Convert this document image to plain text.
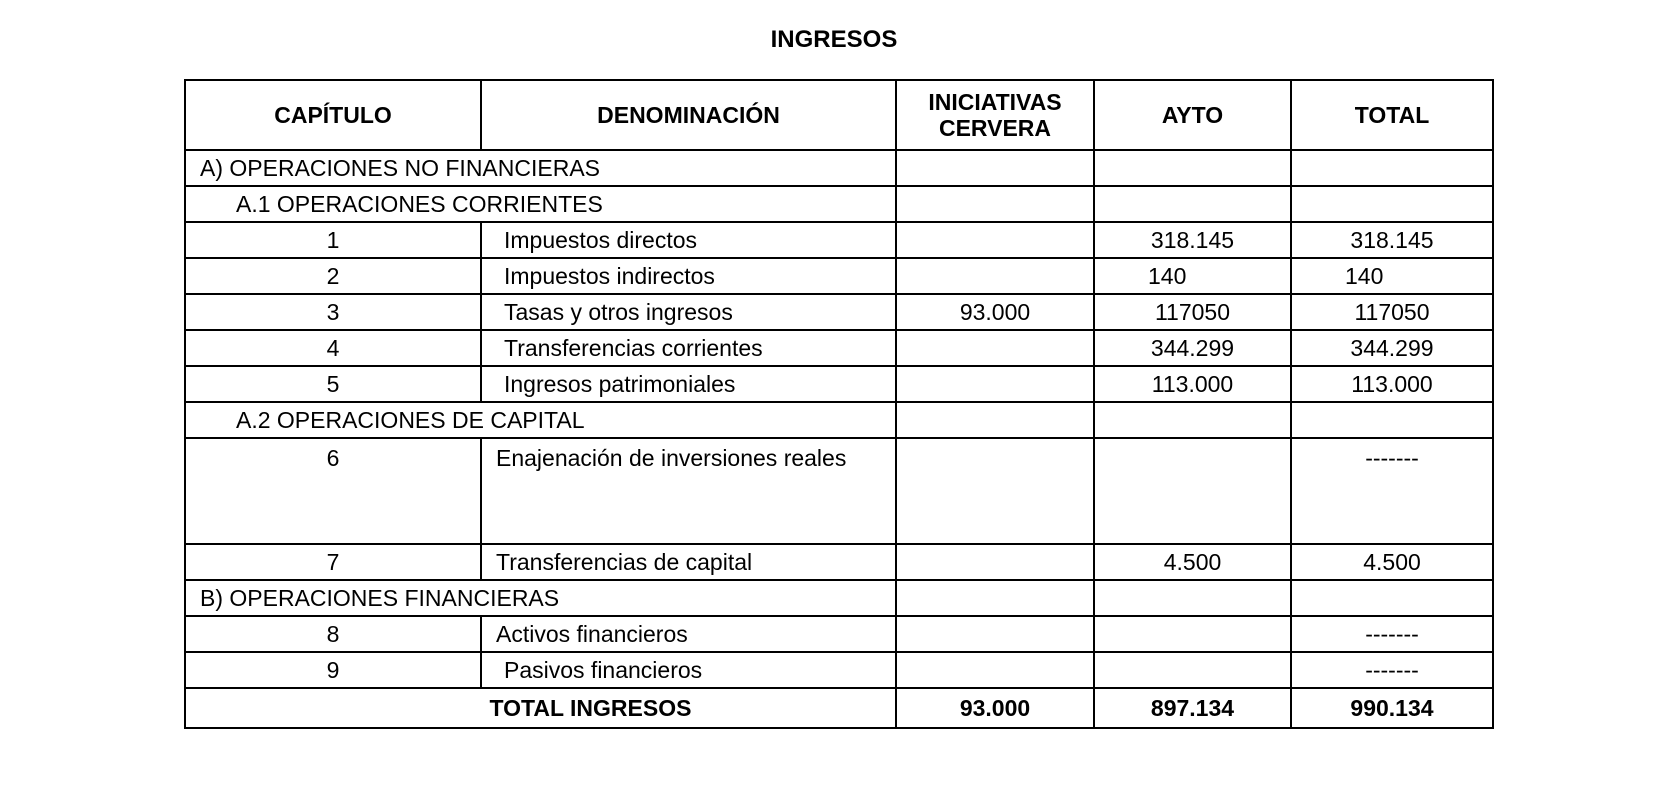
INGRESOS
CAPÍTULO	DENOMINACIÓN	INICIATIVAS CERVERA	AYTO	TOTAL
A) OPERACIONES NO FINANCIERAS				
A.1 OPERACIONES CORRIENTES				
1	Impuestos directos		318.145	318.145
2	Impuestos indirectos		140	140
3	Tasas y otros ingresos	93.000	117050	117050
4	Transferencias corrientes		344.299	344.299
5	Ingresos patrimoniales		113.000	113.000
A.2 OPERACIONES DE CAPITAL				
6	Enajenación de inversiones reales			-------
7	Transferencias de capital		4.500	4.500
B) OPERACIONES FINANCIERAS				
8	Activos financieros			-------
9	Pasivos financieros			-------
TOTAL INGRESOS		93.000	897.134	990.134
